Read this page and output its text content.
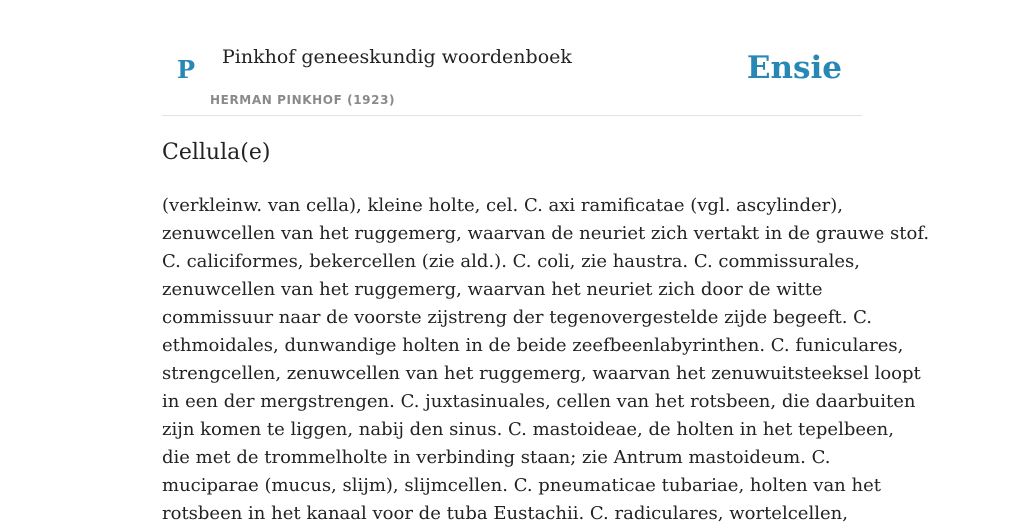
P Pinkhof geneeskundig woordenboek
HERMAN PINKHOF (1923)
Ensie
Cellula(e)
(verkleinw. van cella), kleine holte, cel. C. axi ramificatae (vgl. ascylinder),
zenuwcellen van het ruggemerg, waarvan de neuriet zich vertakt in de grauwe stof.
C. caliciformes, bekercellen (zie ald.). C. coli, zie haustra. C. commissurales,
zenuwcellen van het ruggemerg, waarvan het neuriet zich door de witte
commissuur naar de voorste zijstreng der tegenovergestelde zijde begeeft. C.
ethmoidales, dunwandige holten in de beide zeefbeenlabyrinthen. C. funiculares,
strengcellen, zenuwcellen van het ruggemerg, waarvan het zenuwuitsteeksel loopt
in een der mergstrengen. C. juxtasinuales, cellen van het rotsbeen, die daarbuiten
zijn komen te liggen, nabij den sinus. C. mastoideae, de holten in het tepelbeen,
die met de trommelholte in verbinding staan; zie Antrum mastoideum. C.
muciparae (mucus, slijm), slijmcellen. C. pneumaticae tubariae, holten van het
rotsbeen in het kanaal voor de tuba Eustachii. C. radiculares, wortelcellen,
